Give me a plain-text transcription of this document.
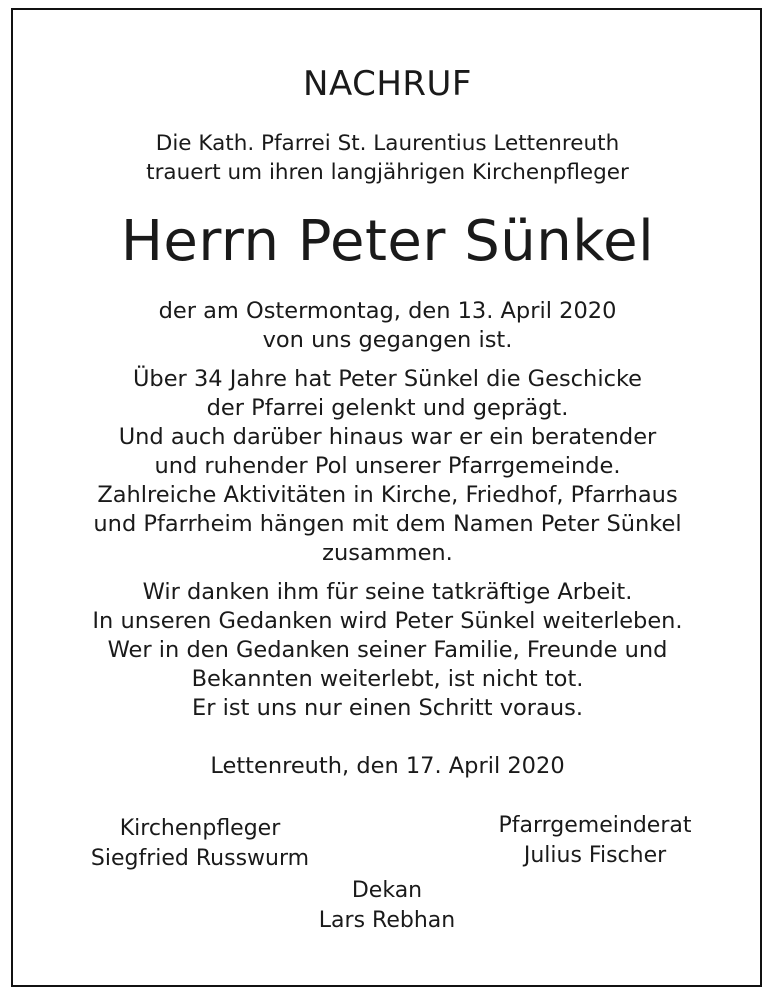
NACHRUF
Die Kath. Pfarrei St. Laurentius Lettenreuth
trauert um ihren langjährigen Kirchenpfleger
Herrn Peter Sünkel
der am Ostermontag, den 13. April 2020
von uns gegangen ist.
Über 34 Jahre hat Peter Sünkel die Geschicke
der Pfarrei gelenkt und geprägt.
Und auch darüber hinaus war er ein beratender
und ruhender Pol unserer Pfarrgemeinde.
Zahlreiche Aktivitäten in Kirche, Friedhof, Pfarrhaus
und Pfarrheim hängen mit dem Namen Peter Sünkel
zusammen.
Wir danken ihm für seine tatkräftige Arbeit.
In unseren Gedanken wird Peter Sünkel weiterleben.
Wer in den Gedanken seiner Familie, Freunde und
Bekannten weiterlebt, ist nicht tot.
Er ist uns nur einen Schritt voraus.
Lettenreuth, den 17. April 2020
Kirchenpfleger
Siegfried Russwurm
Pfarrgemeinderat
Julius Fischer
Dekan
Lars Rebhan
